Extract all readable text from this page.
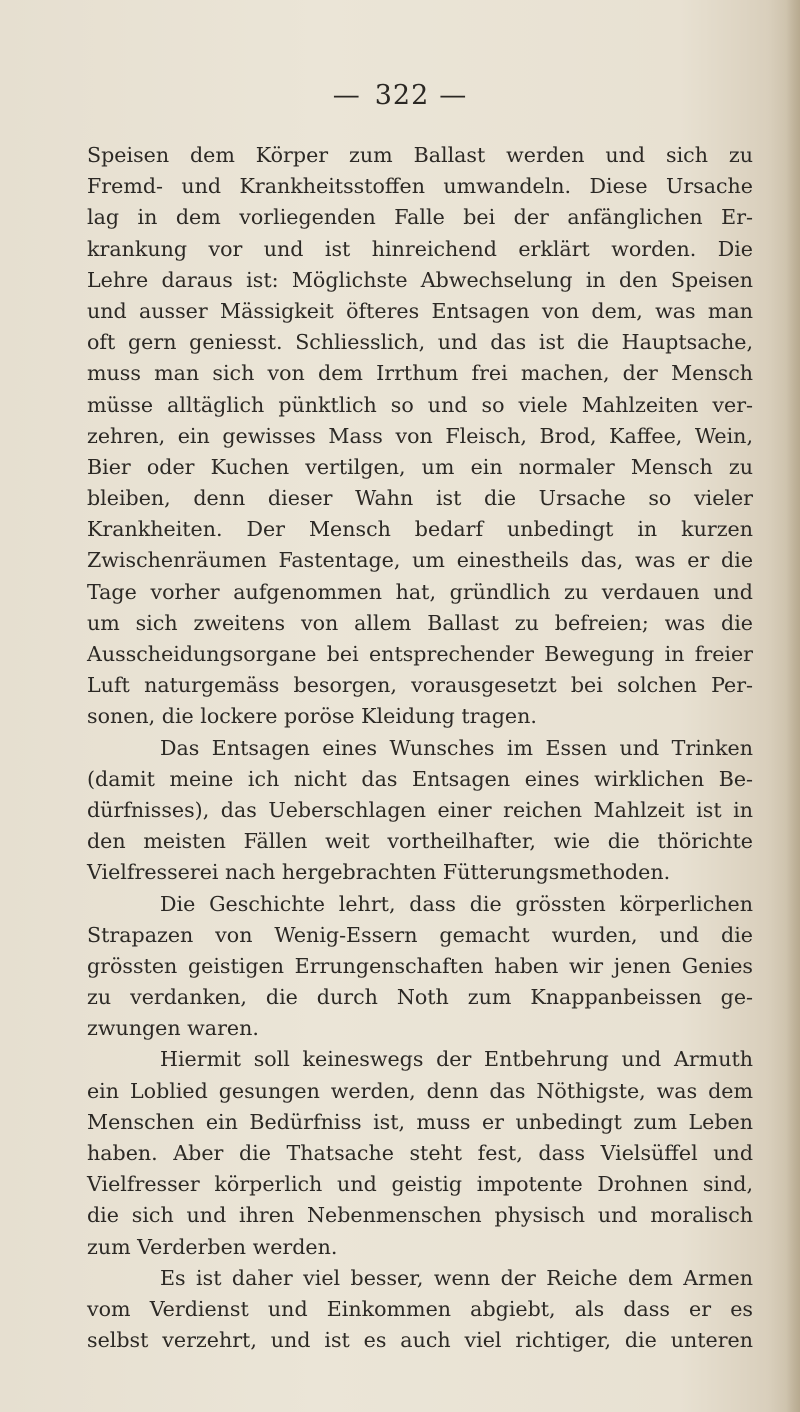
— 322 —
Speisen dem Körper zum Ballast werden und sich zu
Fremd- und Krankheitsstoffen umwandeln. Diese Ursache
lag in dem vorliegenden Falle bei der anfänglichen Er-
krankung vor und ist hinreichend erklärt worden. Die
Lehre daraus ist: Möglichste Abwechselung in den Speisen
und ausser Mässigkeit öfteres Entsagen von dem, was man
oft gern geniesst. Schliesslich, und das ist die Hauptsache,
muss man sich von dem Irrthum frei machen, der Mensch
müsse alltäglich pünktlich so und so viele Mahlzeiten ver-
zehren, ein gewisses Mass von Fleisch, Brod, Kaffee, Wein,
Bier oder Kuchen vertilgen, um ein normaler Mensch zu
bleiben, denn dieser Wahn ist die Ursache so vieler
Krankheiten. Der Mensch bedarf unbedingt in kurzen
Zwischenräumen Fastentage, um einestheils das, was er die
Tage vorher aufgenommen hat, gründlich zu verdauen und
um sich zweitens von allem Ballast zu befreien; was die
Ausscheidungsorgane bei entsprechender Bewegung in freier
Luft naturgemäss besorgen, vorausgesetzt bei solchen Per-
sonen, die lockere poröse Kleidung tragen.
Das Entsagen eines Wunsches im Essen und Trinken
(damit meine ich nicht das Entsagen eines wirklichen Be-
dürfnisses), das Ueberschlagen einer reichen Mahlzeit ist in
den meisten Fällen weit vortheilhafter, wie die thörichte
Vielfresserei nach hergebrachten Fütterungsmethoden.
Die Geschichte lehrt, dass die grössten körperlichen
Strapazen von Wenig-Essern gemacht wurden, und die
grössten geistigen Errungenschaften haben wir jenen Genies
zu verdanken, die durch Noth zum Knappanbeissen ge-
zwungen waren.
Hiermit soll keineswegs der Entbehrung und Armuth
ein Loblied gesungen werden, denn das Nöthigste, was dem
Menschen ein Bedürfniss ist, muss er unbedingt zum Leben
haben. Aber die Thatsache steht fest, dass Vielsüffel und
Vielfresser körperlich und geistig impotente Drohnen sind,
die sich und ihren Nebenmenschen physisch und moralisch
zum Verderben werden.
Es ist daher viel besser, wenn der Reiche dem Armen
vom Verdienst und Einkommen abgiebt, als dass er es
selbst verzehrt, und ist es auch viel richtiger, die unteren
